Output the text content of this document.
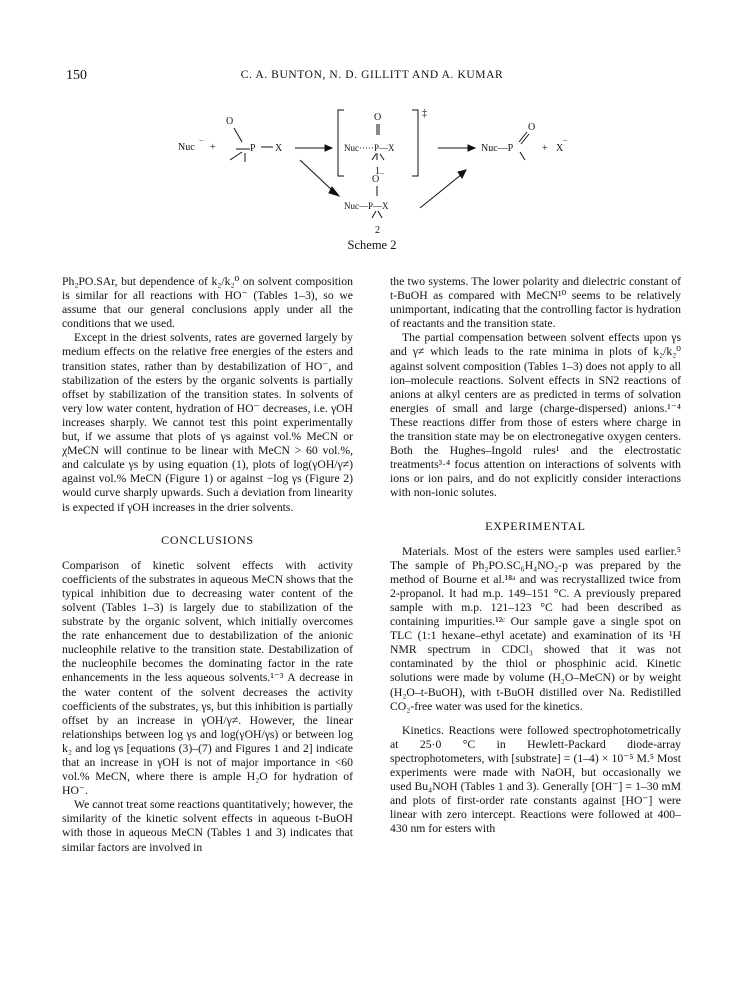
150	C. A. BUNTON, N. D. GILLITT AND A. KUMAR
Nuc
−
+
O
P X
‡
O
Nuc·····P—X
1
Nuc—P
O
+ X
−
O
−
Nuc—P—X
2
Scheme 2

Ph₂PO.SAr, but dependence of k₂/k₂⁰ on solvent composition is similar for all reactions with HO⁻ (Tables 1–3), so we assume that our general conclusions apply under all the conditions that we used.

Except in the driest solvents, rates are governed largely by medium effects on the relative free energies of the esters and transition states, rather than by destabilization of HO⁻, and stabilization of the esters by the organic solvents is partially offset by stabilization of the transition states. In solvents of very low water content, hydration of HO⁻ decreases, i.e. γOH increases sharply. We cannot test this point experimentally but, if we assume that plots of γs against vol.% MeCN or χMeCN will continue to be linear with MeCN > 60 vol.%, and calculate γs by using equation (1), plots of log(γOH/γ≠) against vol.% MeCN (Figure 1) or against −log γs (Figure 2) would curve sharply upwards. Such a deviation from linearity is expected if γOH increases in the drier solvents.

CONCLUSIONS

Comparison of kinetic solvent effects with activity coefficients of the substrates in aqueous MeCN shows that the typical inhibition due to decreasing water content of the solvent (Tables 1–3) is largely due to stabilization of the substrate by the organic solvent, which initially overcomes the rate enhancement due to destabilization of the anionic nucleophile relative to the transition state. Destabilization of the nucleophile becomes the dominating factor in the rate enhancements in the less aqueous solvents.¹⁻³ A decrease in the water content of the solvent decreases the activity coefficients of the substrates, γs, but this inhibition is partially offset by an increase in γOH/γ≠. However, the linear relationships between log γs and log(γOH/γs) or between log k₂ and log γs [equations (3)–(7) and Figures 1 and 2] indicate that an increase in γOH is not of major importance in <60 vol.% MeCN, where there is ample H₂O for hydration of HO⁻.

We cannot treat some reactions quantitatively; however, the similarity of the kinetic solvent effects in aqueous t-BuOH with those in aqueous MeCN (Tables 1 and 3) indicates that similar factors are involved in

the two systems. The lower polarity and dielectric constant of t-BuOH as compared with MeCN¹⁰ seems to be relatively unimportant, indicating that the controlling factor is hydration of reactants and the transition state.

The partial compensation between solvent effects upon γs and γ≠ which leads to the rate minima in plots of k₂/k₂⁰ against solvent composition (Tables 1–3) does not apply to all ion–molecule reactions. Solvent effects in SN2 reactions of anions at alkyl centers are as predicted in terms of solvation energies of small and large (charge-dispersed) anions.¹⁻⁴ These reactions differ from those of esters where charge in the transition state may be on electronegative oxygen centers. Both the Hughes–Ingold rules¹ and the electrostatic treatments³·⁴ focus attention on interactions of solvents with ions or ion pairs, and do not explicitly consider interactions with non-ionic solutes.

EXPERIMENTAL

Materials. Most of the esters were samples used earlier.⁵ The sample of Ph₂PO.SC₆H₄NO₂-p was prepared by the method of Bourne et al.¹⁸ᵃ and was recrystallized twice from 2-propanol. It had m.p. 149–151 °C. A previously prepared sample with m.p. 121–123 °C had been described as containing impurities.¹²ᶜ Our sample gave a single spot on TLC (1:1 hexane–ethyl acetate) and examination of its ¹H NMR spectrum in CDCl₃ showed that it was not contaminated by the thiol or phosphinic acid. Kinetic solutions were made by volume (H₂O–MeCN) or by weight (H₂O–t-BuOH), with t-BuOH distilled over Na. Redistilled CO₂-free water was used for the kinetics.

Kinetics. Reactions were followed spectrophotometrically at 25·0 °C in Hewlett-Packard diode-array spectrophotometers, with [substrate] = (1–4) × 10⁻⁵ M.⁵ Most experiments were made with NaOH, but occasionally we used Bu₄NOH (Tables 1 and 3). Generally [OH⁻] = 1–30 mM and plots of first-order rate constants against [HO⁻] were linear with zero intercept. Reactions were followed at 400–430 nm for esters with
